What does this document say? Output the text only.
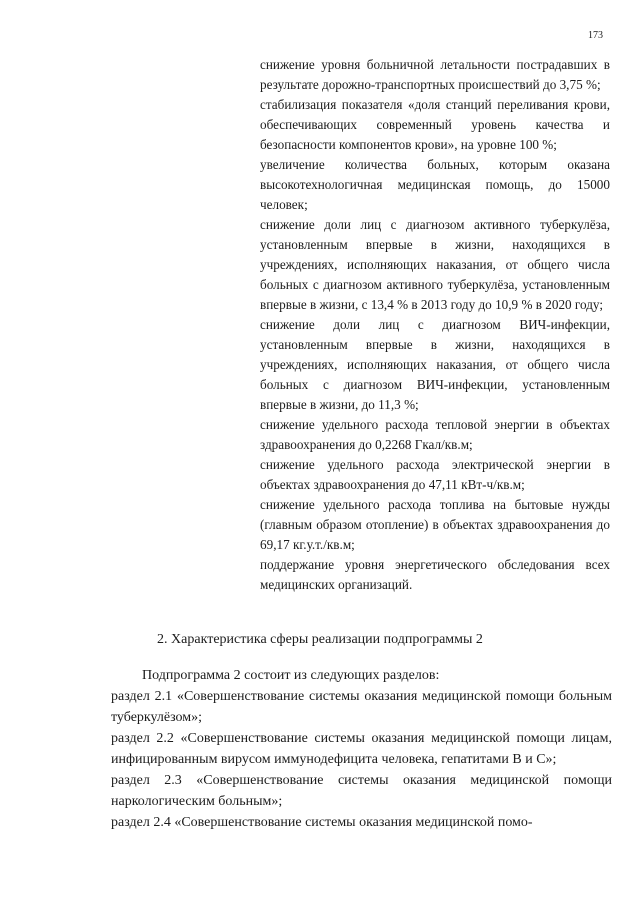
173

снижение уровня больничной летальности пострадавших в результате дорожно-транспортных происшествий до 3,75 %;

стабилизация показателя «доля станций переливания крови, обеспечивающих современный уровень качества и безопасности компонентов крови», на уровне 100 %;

увеличение количества больных, которым оказана высокотехнологичная медицинская помощь, до 15000 человек;

снижение доли лиц с диагнозом активного туберкулёза, установленным впервые в жизни, находящихся в учреждениях, исполняющих наказания, от общего числа больных с диагнозом активного туберкулёза, установленным впервые в жизни, с 13,4 % в 2013 году до 10,9 % в 2020 году;

снижение доли лиц с диагнозом ВИЧ-инфекции, установленным впервые в жизни, находящихся в учреждениях, исполняющих наказания, от общего числа больных с диагнозом ВИЧ-инфекции, установленным впервые в жизни, до 11,3 %;

снижение удельного расхода тепловой энергии в объектах здравоохранения до 0,2268 Гкал/кв.м;

снижение удельного расхода электрической энергии в объектах здравоохранения до 47,11 кВт-ч/кв.м;

снижение удельного расхода топлива на бытовые нужды (главным образом отопление) в объектах здравоохранения до 69,17 кг.у.т./кв.м;

поддержание уровня энергетического обследования всех медицинских организаций.

2. Характеристика сферы реализации подпрограммы 2

Подпрограмма 2 состоит из следующих разделов:

раздел 2.1 «Совершенствование системы оказания медицинской помощи больным туберкулёзом»;

раздел 2.2 «Совершенствование системы оказания медицинской помощи лицам, инфицированным вирусом иммунодефицита человека, гепатитами В и С»;

раздел 2.3 «Совершенствование системы оказания медицинской помощи наркологическим больным»;

раздел 2.4 «Совершенствование системы оказания медицинской помо-
